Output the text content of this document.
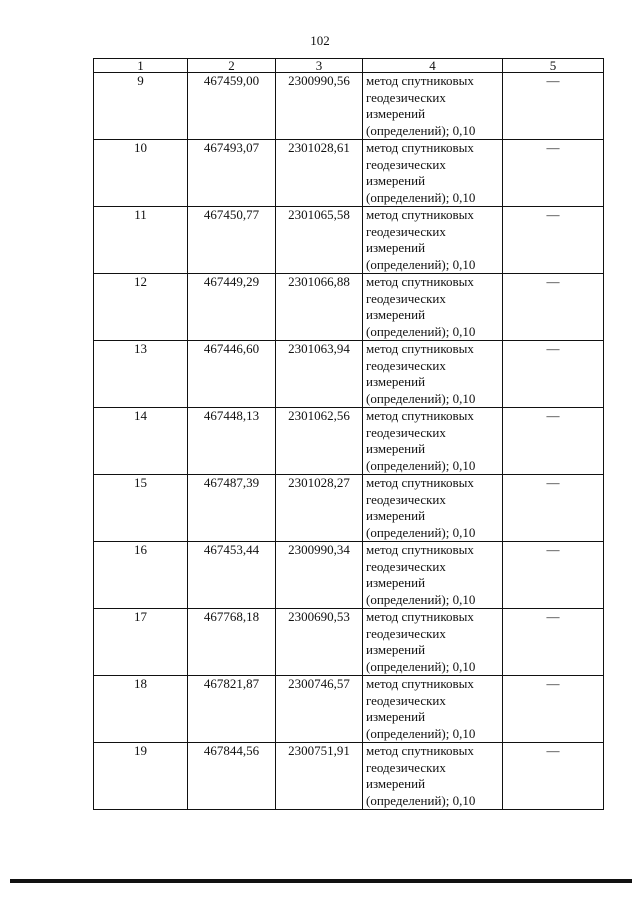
102
1	2	3	4	5
9	467459,00	2300990,56	метод спутниковых
геодезических
измерений
(определений); 0,10	—
10	467493,07	2301028,61	метод спутниковых
геодезических
измерений
(определений); 0,10	—
11	467450,77	2301065,58	метод спутниковых
геодезических
измерений
(определений); 0,10	—
12	467449,29	2301066,88	метод спутниковых
геодезических
измерений
(определений); 0,10	—
13	467446,60	2301063,94	метод спутниковых
геодезических
измерений
(определений); 0,10	—
14	467448,13	2301062,56	метод спутниковых
геодезических
измерений
(определений); 0,10	—
15	467487,39	2301028,27	метод спутниковых
геодезических
измерений
(определений); 0,10	—
16	467453,44	2300990,34	метод спутниковых
геодезических
измерений
(определений); 0,10	—
17	467768,18	2300690,53	метод спутниковых
геодезических
измерений
(определений); 0,10	—
18	467821,87	2300746,57	метод спутниковых
геодезических
измерений
(определений); 0,10	—
19	467844,56	2300751,91	метод спутниковых
геодезических
измерений
(определений); 0,10	—
